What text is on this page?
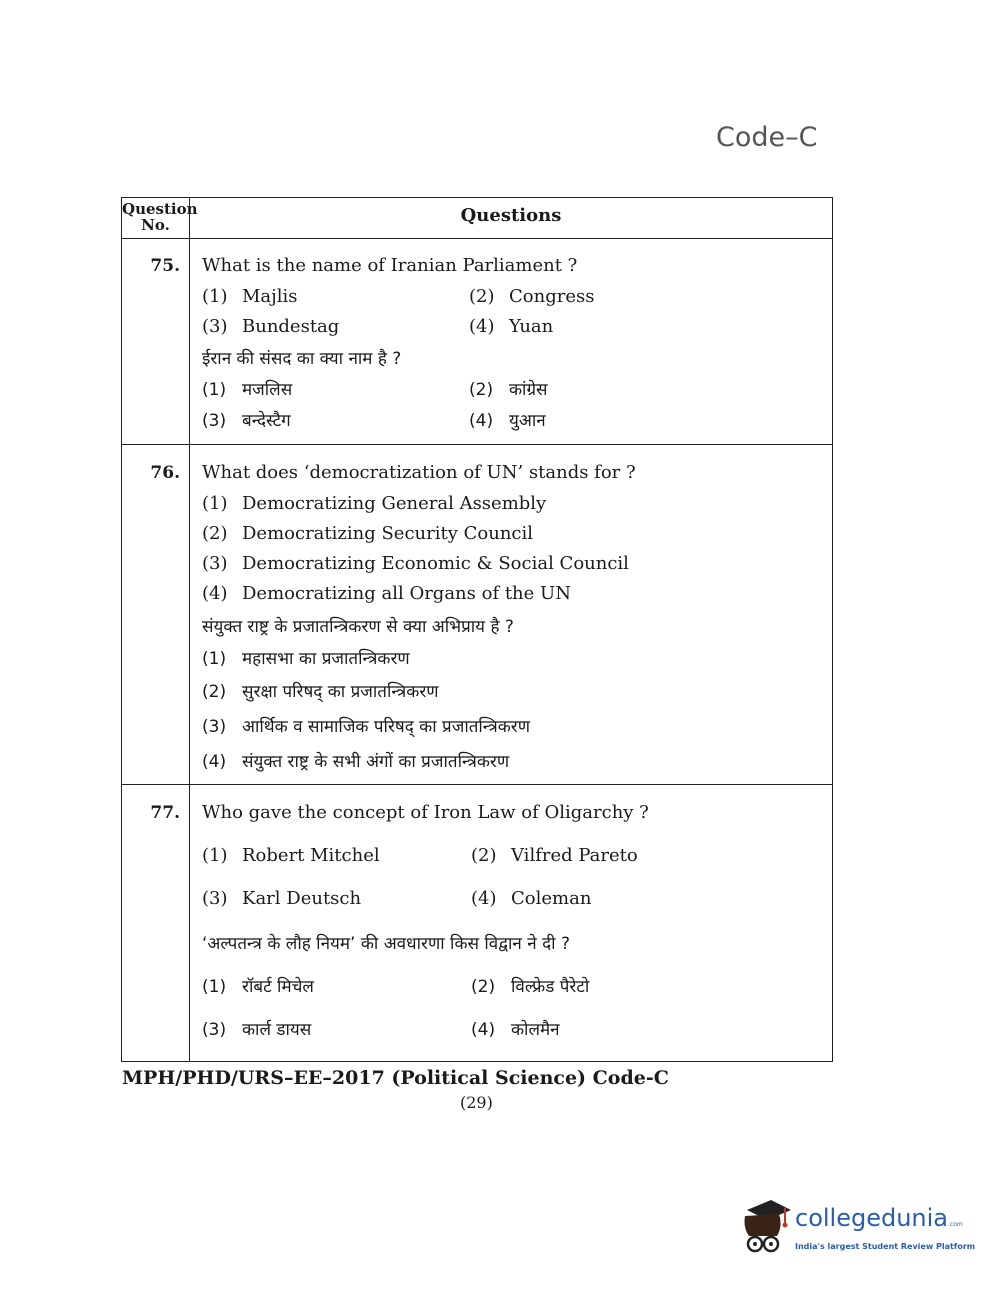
Code–C
Question No.	Questions
75. What is the name of Iranian Parliament ?
(1) Majlis	(2) Congress
(3) Bundestag	(4) Yuan
ईरान की संसद का क्या नाम है ?
(1) मजलिस	(2) कांग्रेस
(3) बन्देस्टैग	(4) युआन
76. What does ‘democratization of UN’ stands for ?
(1) Democratizing General Assembly
(2) Democratizing Security Council
(3) Democratizing Economic & Social Council
(4) Democratizing all Organs of the UN
संयुक्त राष्ट्र के प्रजातन्त्रिकरण से क्या अभिप्राय है ?
(1) महासभा का प्रजातन्त्रिकरण
(2) सुरक्षा परिषद् का प्रजातन्त्रिकरण
(3) आर्थिक व सामाजिक परिषद् का प्रजातन्त्रिकरण
(4) संयुक्त राष्ट्र के सभी अंगों का प्रजातन्त्रिकरण
77. Who gave the concept of Iron Law of Oligarchy ?
(1) Robert Mitchel	(2) Vilfred Pareto
(3) Karl Deutsch	(4) Coleman
‘अल्पतन्त्र के लौह नियम’ की अवधारणा किस विद्वान ने दी ?
(1) रॉबर्ट मिचेल	(2) विल्फ्रेड पैरेटो
(3) कार्ल डायस	(4) कोलमैन
MPH/PHD/URS–EE–2017 (Political Science) Code-C
(29)
collegedunia.com
India's largest Student Review Platform
